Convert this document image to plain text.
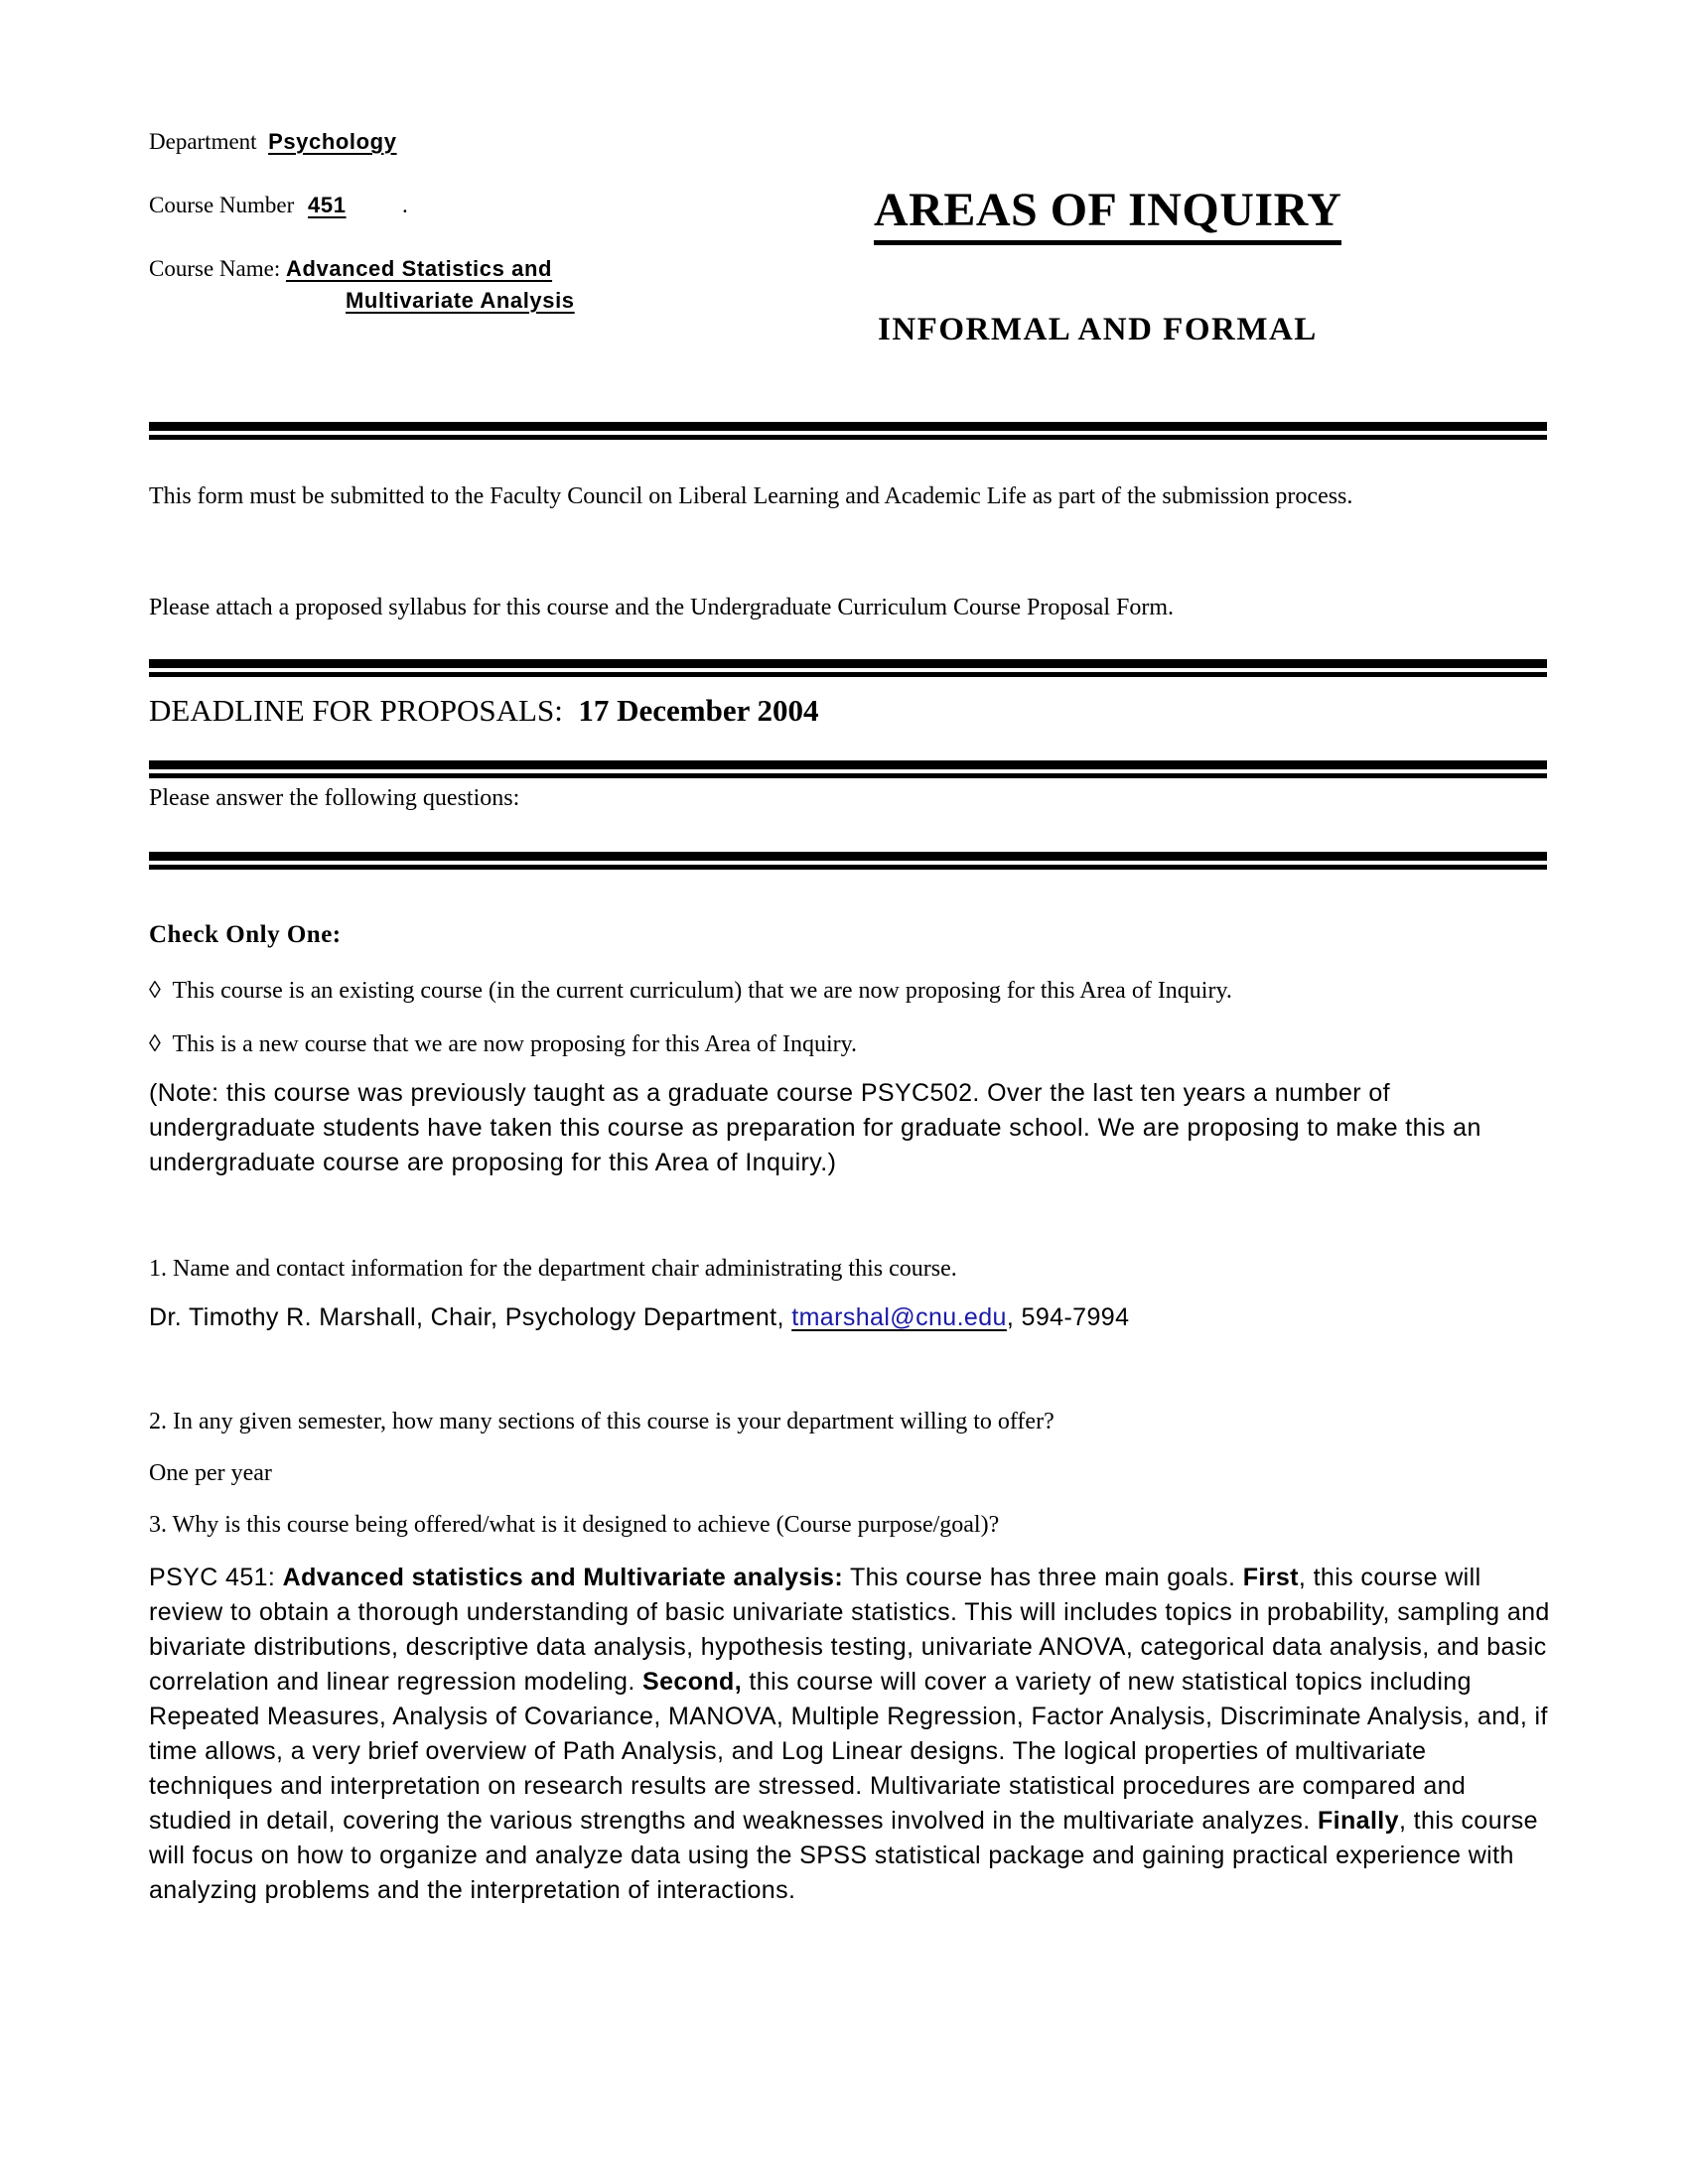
Department Psychology
Course Number 451 .
Course Name: Advanced Statistics and
Multivariate Analysis
AREAS OF INQUIRY
INFORMAL AND FORMAL
This form must be submitted to the Faculty Council on Liberal Learning and Academic Life as part of the submission process.
Please attach a proposed syllabus for this course and the Undergraduate Curriculum Course Proposal Form.
DEADLINE FOR PROPOSALS: 17 December 2004
Please answer the following questions:
Check Only One:
◊ This course is an existing course (in the current curriculum) that we are now proposing for this Area of Inquiry.
◊ This is a new course that we are now proposing for this Area of Inquiry.
(Note: this course was previously taught as a graduate course PSYC502. Over the last ten years a number of undergraduate students have taken this course as preparation for graduate school. We are proposing to make this an undergraduate course are proposing for this Area of Inquiry.)
1. Name and contact information for the department chair administrating this course.
Dr. Timothy R. Marshall, Chair, Psychology Department, tmarshal@cnu.edu, 594-7994
2. In any given semester, how many sections of this course is your department willing to offer?
One per year
3. Why is this course being offered/what is it designed to achieve (Course purpose/goal)?
PSYC 451: Advanced statistics and Multivariate analysis: This course has three main goals. First, this course will review to obtain a thorough understanding of basic univariate statistics. This will includes topics in probability, sampling and bivariate distributions, descriptive data analysis, hypothesis testing, univariate ANOVA, categorical data analysis, and basic correlation and linear regression modeling. Second, this course will cover a variety of new statistical topics including Repeated Measures, Analysis of Covariance, MANOVA, Multiple Regression, Factor Analysis, Discriminate Analysis, and, if time allows, a very brief overview of Path Analysis, and Log Linear designs. The logical properties of multivariate techniques and interpretation on research results are stressed. Multivariate statistical procedures are compared and studied in detail, covering the various strengths and weaknesses involved in the multivariate analyzes. Finally, this course will focus on how to organize and analyze data using the SPSS statistical package and gaining practical experience with analyzing problems and the interpretation of interactions.
